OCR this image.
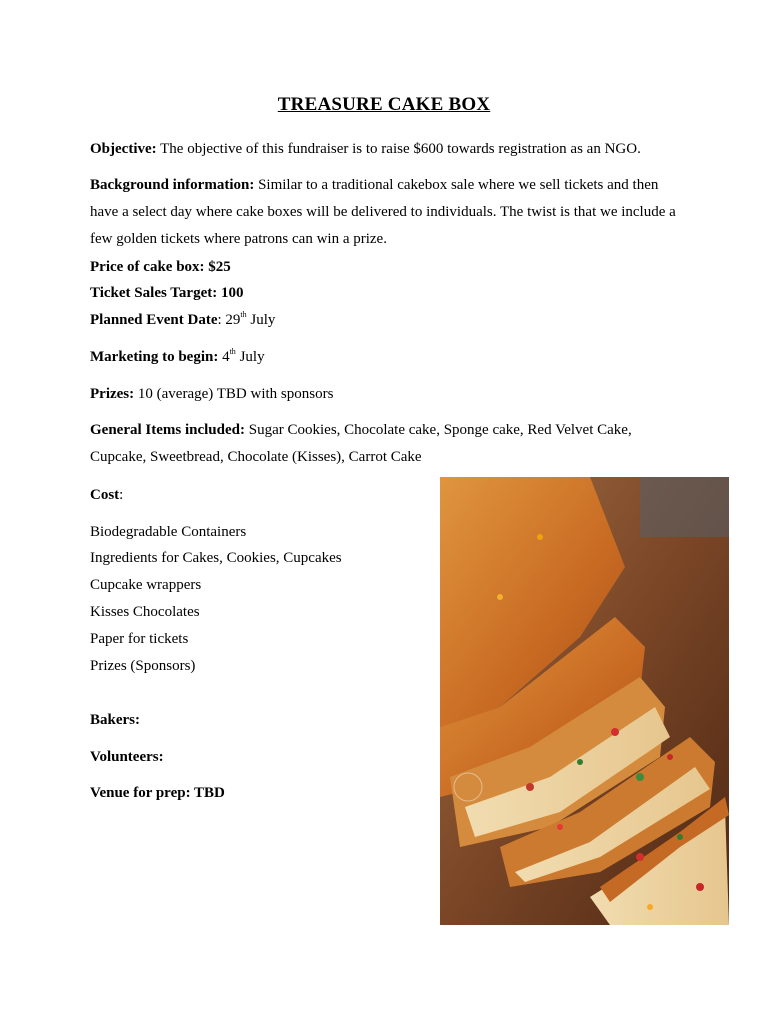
TREASURE CAKE BOX
Objective: The objective of this fundraiser is to raise $600 towards registration as an NGO.
Background information: Similar to a traditional cakebox sale where we sell tickets and then have a select day where cake boxes will be delivered to individuals. The twist is that we include a few golden tickets where patrons can win a prize.
Price of cake box: $25
Ticket Sales Target: 100
Planned Event Date: 29th July
Marketing to begin: 4th July
Prizes: 10 (average) TBD with sponsors
General Items included: Sugar Cookies, Chocolate cake, Sponge cake, Red Velvet Cake, Cupcake, Sweetbread, Chocolate (Kisses), Carrot Cake
Cost:
Biodegradable Containers
Ingredients for Cakes, Cookies, Cupcakes
Cupcake wrappers
Kisses Chocolates
Paper for tickets
Prizes (Sponsors)
Bakers:
Volunteers:
Venue for prep: TBD
